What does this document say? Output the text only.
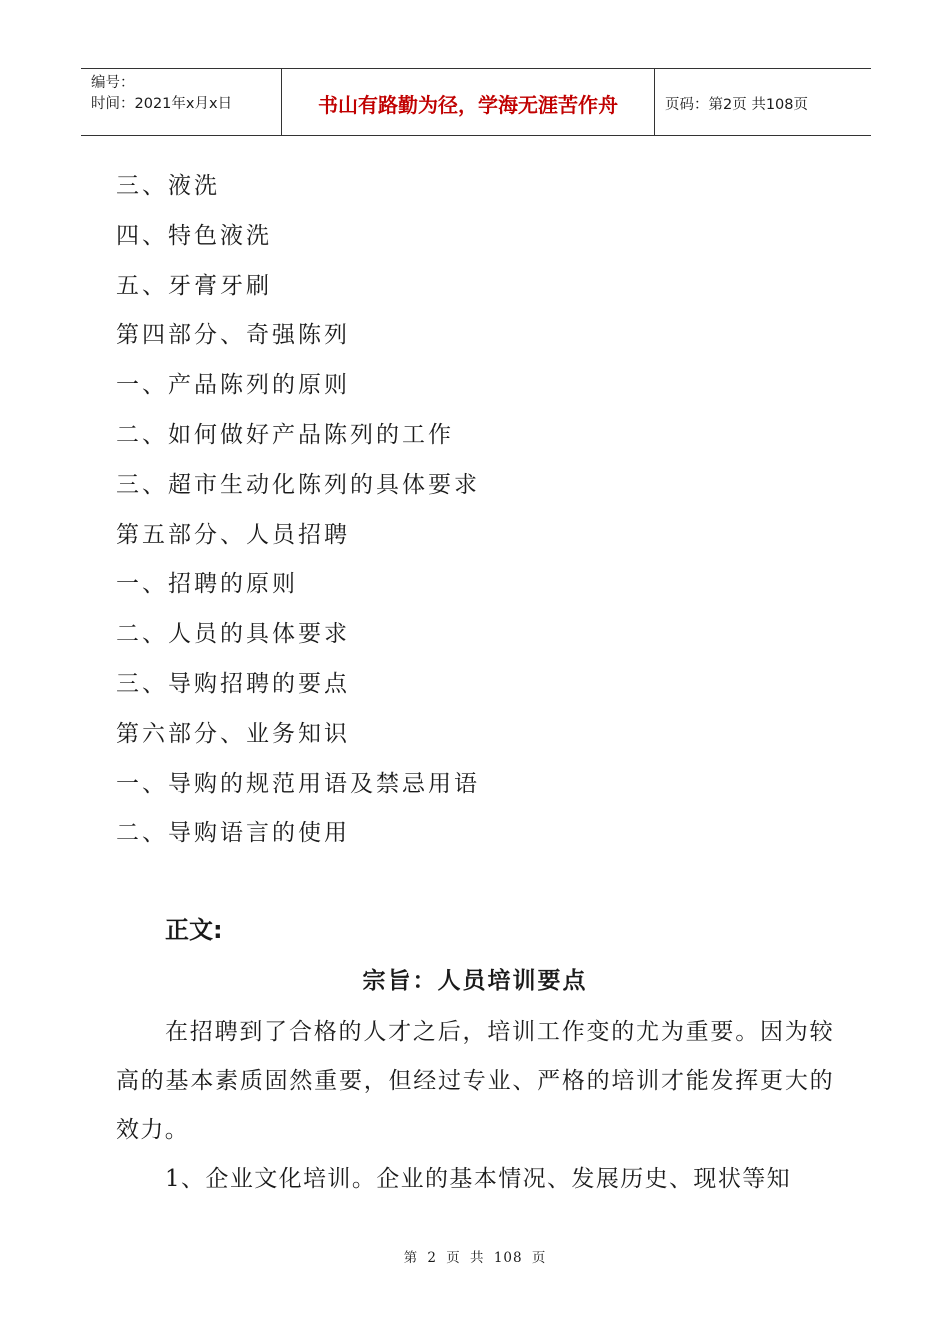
编号：
时间：2021年x月x日	书山有路勤为径，学海无涯苦作舟	页码：第2页 共108页
三、液洗
四、特色液洗
五、牙膏牙刷
第四部分、奇强陈列
一、产品陈列的原则
二、如何做好产品陈列的工作
三、超市生动化陈列的具体要求
第五部分、人员招聘
一、招聘的原则
二、人员的具体要求
三、导购招聘的要点
第六部分、业务知识
一、导购的规范用语及禁忌用语
二、导购语言的使用
正文:
宗旨：人员培训要点

在招聘到了合格的人才之后，培训工作变的尤为重要。因为较高的基本素质固然重要，但经过专业、严格的培训才能发挥更大的效力。

1、企业文化培训。企业的基本情况、发展历史、现状等知

第 2 页 共 108 页
